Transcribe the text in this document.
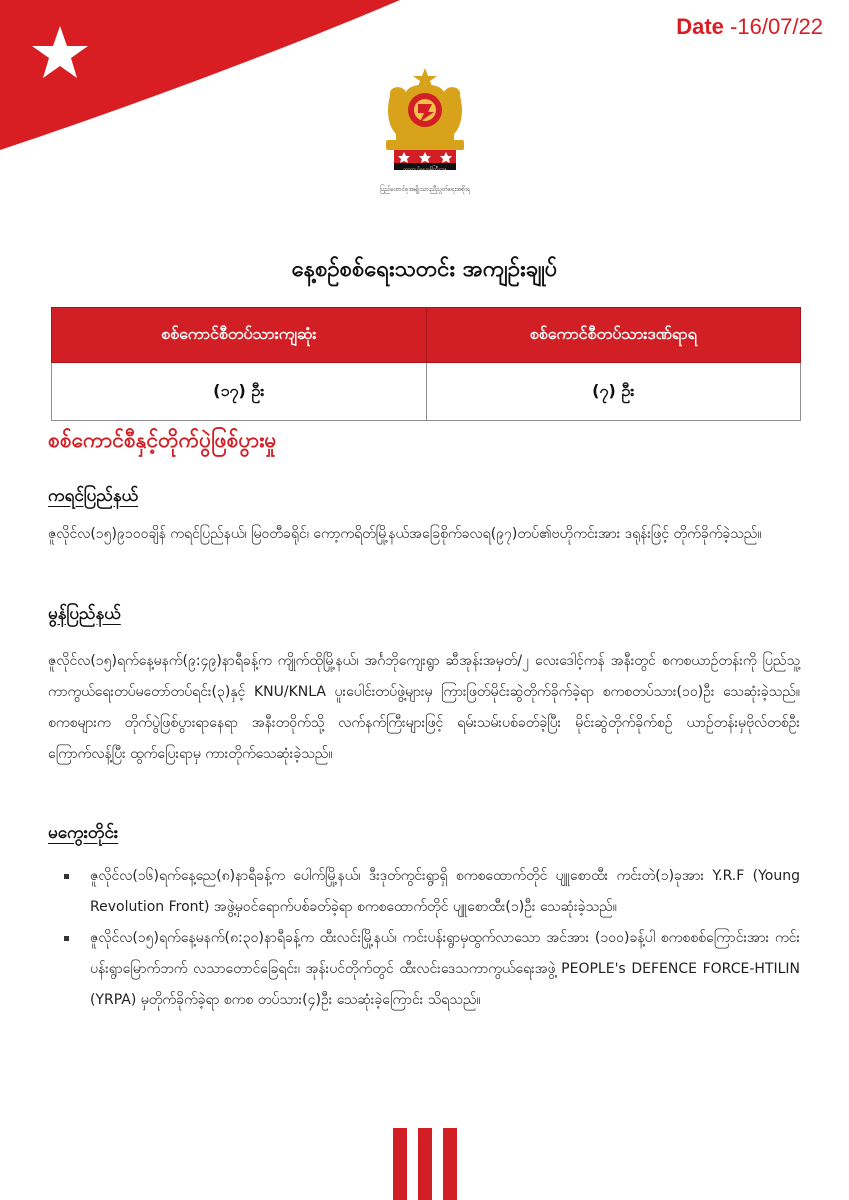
Date -16/07/22
ကာကွယ်ရေးဝန်ကြီးဌာန
ပြည်ထောင်စုအမျိုးသားညီညွတ်ရေးအစိုးရ
နေ့စဉ်စစ်ရေးသတင်း အကျဉ်းချုပ်
စစ်ကောင်စီတပ်သားကျဆုံး	စစ်ကောင်စီတပ်သားဒဏ်ရာရ
(၁၇) ဦး	(၇) ဦး
စစ်ကောင်စီနှင့်တိုက်ပွဲဖြစ်ပွားမှု
ကရင်ပြည်နယ်
ဇူလိုင်လ(၁၅)၉၁၀၀ချိန် ကရင်ပြည်နယ်၊ မြဝတီခရိုင်၊ ကော့ကရိတ်မြို့နယ်အခြေစိုက်ခလရ(၉၇)တပ်၏ဗဟိုကင်းအား ဒရုန်းဖြင့် တိုက်ခိုက်ခဲ့သည်။
မွန်ပြည်နယ်
ဇူလိုင်လ(၁၅)ရက်နေ့မနက်(၉:၄၉)နာရီခန့်က ကျိုက်ထိုမြို့နယ်၊ အင်္ဂဘိုကျေးရွာ ဆီအုန်းအမှတ်/၂ လေးဒေါင့်ကန် အနီးတွင် စကစယာဉ်တန်းကို ပြည်သူ့ကာကွယ်ရေးတပ်မတော်တပ်ရင်း(၃)နှင့် KNU/KNLA ပူးပေါင်းတပ်ဖွဲ့များမှ ကြားဖြတ်မိုင်းဆွဲတိုက်ခိုက်ခဲ့ရာ စကစတပ်သား(၁၀)ဦး သေဆုံးခဲ့သည်။ စကစများက တိုက်ပွဲဖြစ်ပွားရာနေရာ အနီးတဝိုက်သို့ လက်နက်ကြီးများဖြင့် ရမ်းသမ်းပစ်ခတ်ခဲ့ပြီး မိုင်းဆွဲတိုက်ခိုက်စဉ် ယာဉ်တန်းမှဗိုလ်တစ်ဦး ကြောက်လန့်ပြီး ထွက်ပြေးရာမှ ကားတိုက်သေဆုံးခဲ့သည်။
မကွေးတိုင်း
ဇူလိုင်လ(၁၆)ရက်နေ့ညေ(၈)နာရီခန့်က ပေါက်မြို့နယ်၊ ဒီးဒုတ်ကွင်းရွာရှိ စကစထောက်တိုင် ပျူစောထီး ကင်းတဲ(၁)ခုအား Y.R.F (Young Revolution Front) အဖွဲ့မှဝင်ရောက်ပစ်ခတ်ခဲ့ရာ စကစထောက်တိုင် ပျူစောထီး(၁)ဦး သေဆုံးခဲ့သည်။
ဇူလိုင်လ(၁၅)ရက်နေ့မနက်(၈:၃၀)နာရီခန့်က ထီးလင်းမြို့နယ်၊ ကင်းပန်းရွာမှထွက်လာသော အင်အား (၁၀၀)ခန့်ပါ စကစစစ်ကြောင်းအား ကင်းပန်းရွာမြောက်ဘက် လသာတောင်ခြေရင်း၊ အုန်းပင်တိုက်တွင် ထီးလင်းဒေသကာကွယ်ရေးအဖွဲ့ PEOPLE's DEFENCE FORCE-HTILIN (YRPA) မှတိုက်ခိုက်ခဲ့ရာ စကစ တပ်သား(၄)ဦး သေဆုံးခဲ့ကြောင်း သိရသည်။
